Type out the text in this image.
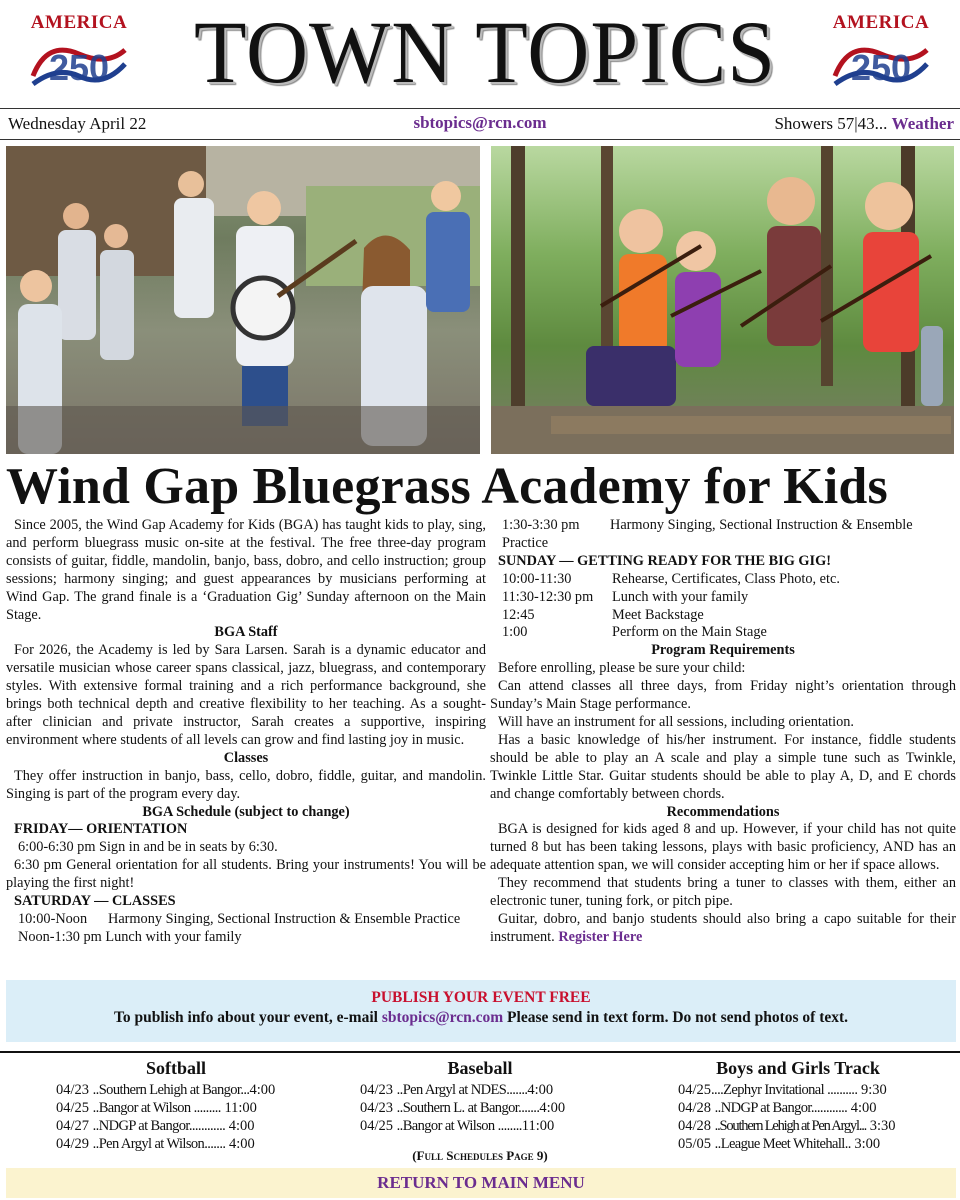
AMERICA
250 TOWN TOPICS	AMERICA
250
Wednesday April 22	sbtopics@rcn.com	Showers 57|43... Weather
Wind Gap Bluegrass Academy for Kids

Since 2005, the Wind Gap Academy for Kids (BGA) has taught kids to play, sing, and perform bluegrass music on-site at the festival. The free three-day program consists of guitar, fiddle, mandolin, banjo, bass, dobro, and cello instruction; group sessions; harmony singing; and guest appearances by musicians performing at Wind Gap. The grand finale is a ‘Graduation Gig’ Sunday afternoon on the Main Stage.

BGA Staff

For 2026, the Academy is led by Sara Larsen. Sarah is a dynamic educator and versatile musician whose career spans classical, jazz, bluegrass, and contemporary styles. With extensive formal training and a rich performance background, she brings both technical depth and creative flexibility to her teaching. As a sought-after clinician and private instructor, Sarah creates a supportive, inspiring environment where students of all levels can grow and find lasting joy in music.

Classes

They offer instruction in banjo, bass, cello, dobro, fiddle, guitar, and mandolin. Singing is part of the program every day.

BGA Schedule (subject to change)

FRIDAY— ORIENTATION

6:00-6:30 pm Sign in and be in seats by 6:30.

6:30 pm General orientation for all students. Bring your instruments! You will be playing the first night!

SATURDAY — CLASSES

10:00-Noon Harmony Singing, Sectional Instruction & Ensemble Practice

Noon-1:30 pm Lunch with your family

1:30-3:30 pm Harmony Singing, Sectional Instruction & Ensemble Practice

SUNDAY — GETTING READY FOR THE BIG GIG!

10:00-11:30	Rehearse, Certificates, Class Photo, etc.

11:30-12:30 pm Lunch with your family

12:45	Meet Backstage

1:00	Perform on the Main Stage

Program Requirements

Before enrolling, please be sure your child:

Can attend classes all three days, from Friday night’s orientation through Sunday’s Main Stage performance.

Will have an instrument for all sessions, including orientation.

Has a basic knowledge of his/her instrument. For instance, fiddle students should be able to play an A scale and play a simple tune such as Twinkle, Twinkle Little Star. Guitar students should be able to play A, D, and E chords and change comfortably between chords.

Recommendations

BGA is designed for kids aged 8 and up. However, if your child has not quite turned 8 but has been taking lessons, plays with basic proficiency, AND has an adequate attention span, we will consider accepting him or her if space allows.

They recommend that students bring a tuner to classes with them, either an electronic tuner, tuning fork, or pitch pipe.

Guitar, dobro, and banjo students should also bring a capo suitable for their instrument. Register Here

PUBLISH YOUR EVENT FREE
To publish info about your event, e-mail sbtopics@rcn.com Please send in text form. Do not send photos of text.
Softball
04/23 ..Southern Lehigh at Bangor...4:00
04/25 ..Bangor at Wilson ......... 11:00
04/27 ..NDGP at Bangor............ 4:00
04/29 ..Pen Argyl at Wilson....... 4:00
Baseball
04/23 ..Pen Argyl at NDES.......4:00
04/23 ..Southern L. at Bangor.......4:00
04/25 ..Bangor at Wilson ........11:00
Boys and Girls Track
04/25....Zephyr Invitational .......... 9:30
04/28 ..NDGP at Bangor............ 4:00
04/28 ..Southern Lehigh at Pen Argyl... 3:30
05/05 ..League Meet Whitehall.. 3:00
(Full Schedules Page 9)
RETURN TO MAIN MENU
